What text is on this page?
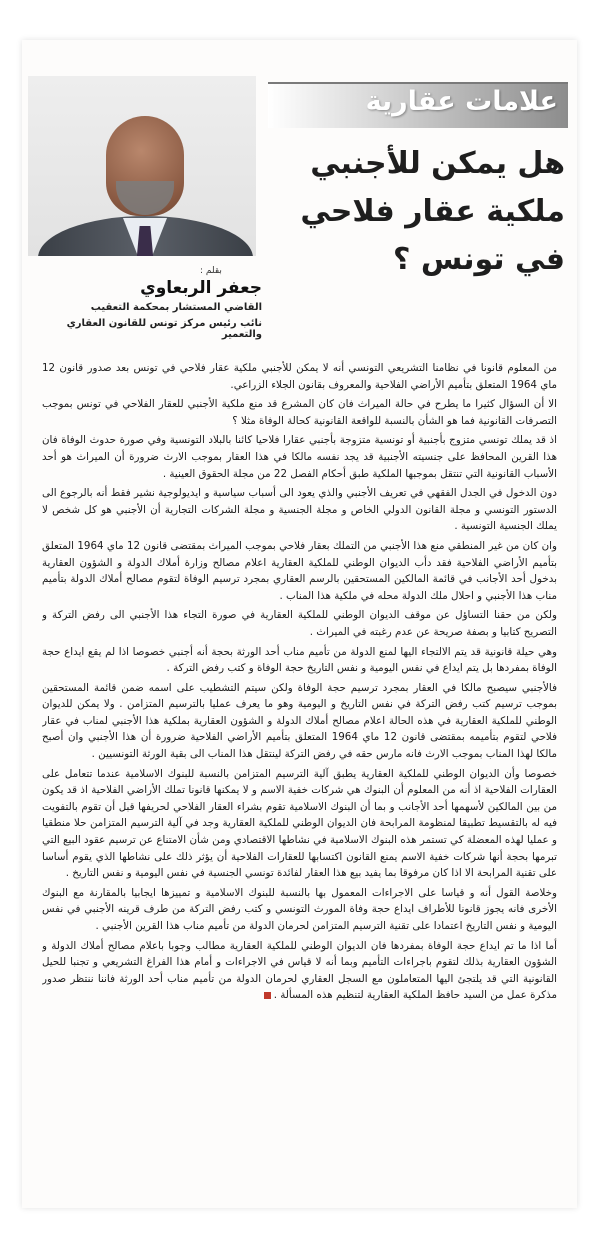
علامات عقارية
هل يمكن للأجنبي ملكية عقار فلاحي في تونس ؟
بقلم :
جعفر الربعاوي
القاضي المستشار بمحكمة التعقيب
نائب رئيس مركز تونس للقانون العقاري والتعمير

من المعلوم قانونا في نظامنا التشريعي التونسي أنه لا يمكن للأجنبي ملكية عقار فلاحي في تونس بعد صدور قانون 12 ماي 1964 المتعلق بتأميم الأراضي الفلاحية والمعروف بقانون الجلاء الزراعي.

الا أن السؤال كثيرا ما يطرح في حالة الميراث فان كان المشرع قد منع ملكية الأجنبي للعقار الفلاحي في تونس بموجب التصرفات القانونية فما هو الشأن بالنسبة للواقعة القانونية كحالة الوفاة مثلا ؟

اذ قد يملك تونسي متزوج بأجنبية أو تونسية متزوجة بأجنبي عقارا فلاحيا كائنا بالبلاد التونسية وفي صورة حدوث الوفاة فان هذا القرين المحافظ على جنسيته الأجنبية قد يجد نفسه مالكا في هذا العقار بموجب الارث ضرورة أن الميراث هو أحد الأسباب القانونية التي تنتقل بموجبها الملكية طبق أحكام الفصل 22 من مجلة الحقوق العينية .

دون الدخول في الجدل الفقهي في تعريف الأجنبي والذي يعود الى أسباب سياسية و ايديولوجية نشير فقط أنه بالرجوع الى الدستور التونسي و مجلة القانون الدولي الخاص و مجلة الجنسية و مجلة الشركات التجارية أن الأجنبي هو كل شخص لا يملك الجنسية التونسية .

وان كان من غير المنطقي منع هذا الأجنبي من التملك بعقار فلاحي بموجب الميراث بمقتضى قانون 12 ماي 1964 المتعلق بتأميم الأراضي الفلاحية فقد دأب الديوان الوطني للملكية العقارية اعلام مصالح وزارة أملاك الدولة و الشؤون العقارية بدخول أحد الأجانب في قائمة المالكين المستحقين بالرسم العقاري بمجرد ترسيم الوفاة لتقوم مصالح أملاك الدولة بتأميم مناب هذا الأجنبي و احلال ملك الدولة محله في ملكية هذا المناب .

ولكن من حقنا التساؤل عن موقف الديوان الوطني للملكية العقارية في صورة التجاء هذا الأجنبي الى رفض التركة و التصريح كتابيا و بصفة صريحة عن عدم رغبته في الميراث .

وهي حيلة قانونية قد يتم الالتجاء اليها لمنع الدولة من تأميم مناب أحد الورثة بحجة أنه أجنبي خصوصا اذا لم يقع ايداع حجة الوفاة بمفردها بل يتم ايداع في نفس اليومية و نفس التاريخ حجة الوفاة و كتب رفض التركة .

فالأجنبي سيصبح مالكا في العقار بمجرد ترسيم حجة الوفاة ولكن سيتم التشطيب على اسمه ضمن قائمة المستحقين بموجب ترسيم كتب رفض التركة في نفس التاريخ و اليومية وهو ما يعرف عمليا بالترسيم المتزامن . ولا يمكن للديوان الوطني للملكية العقارية في هذه الحالة اعلام مصالح أملاك الدولة و الشؤون العقارية بملكية هذا الأجنبي لمناب في عقار فلاحي لتقوم بتأميمه بمقتضى قانون 12 ماي 1964 المتعلق بتأميم الأراضي الفلاحية ضرورة أن هذا الأجنبي وان أصبح مالكا لهذا المناب بموجب الارث فانه مارس حقه في رفض التركة لينتقل هذا المناب الى بقية الورثة التونسيين .

خصوصا وأن الديوان الوطني للملكية العقارية يطبق آلية الترسيم المتزامن بالنسبة للبنوك الاسلامية عندما تتعامل على العقارات الفلاحية اذ أنه من المعلوم أن البنوك هي شركات خفية الاسم و لا يمكنها قانونا تملك الأراضي الفلاحية اذ قد يكون من بين المالكين لأسهمها أحد الأجانب و بما أن البنوك الاسلامية تقوم بشراء العقار الفلاحي لحريفها قبل أن تقوم بالتفويت فيه له بالتقسيط تطبيقا لمنظومة المرابحة فان الديوان الوطني للملكية العقارية وجد في آلية الترسيم المتزامن حلا منطقيا و عمليا لهذه المعضلة كي تستمر هذه البنوك الاسلامية في نشاطها الاقتصادي ومن شأن الامتناع عن ترسيم عقود البيع التي تبرمها بحجة أنها شركات خفية الاسم يمنع القانون اكتسابها للعقارات الفلاحية أن يؤثر ذلك على نشاطها الذي يقوم أساسا على تقنية المرابحة الا اذا كان مرفوقا بما يفيد بيع هذا العقار لفائدة تونسي الجنسية في نفس اليومية و نفس التاريخ .

وخلاصة القول أنه و قياسا على الاجراءات المعمول بها بالنسبة للبنوك الاسلامية و تمييزها ايجابيا بالمقارنة مع البنوك الأخرى فانه يجوز قانونا للأطراف ايداع حجة وفاة المورث التونسي و كتب رفض التركة من طرف قرينه الأجنبي في نفس اليومية و نفس التاريخ اعتمادا على تقنية الترسيم المتزامن لحرمان الدولة من تأميم مناب هذا القرين الأجنبي .

أما اذا ما تم ايداع حجة الوفاة بمفردها فان الديوان الوطني للملكية العقارية مطالب وجوبا باعلام مصالح أملاك الدولة و الشؤون العقارية بذلك لتقوم باجراءات التأميم وبما أنه لا قياس في الاجراءات و أمام هذا الفراغ التشريعي و تجنبا للحيل القانونية التي قد يلتجئ اليها المتعاملون مع السجل العقاري لحرمان الدولة من تأميم مناب أحد الورثة فاننا ننتظر صدور مذكرة عمل من السيد حافظ الملكية العقارية لتنظيم هذه المسألة .
